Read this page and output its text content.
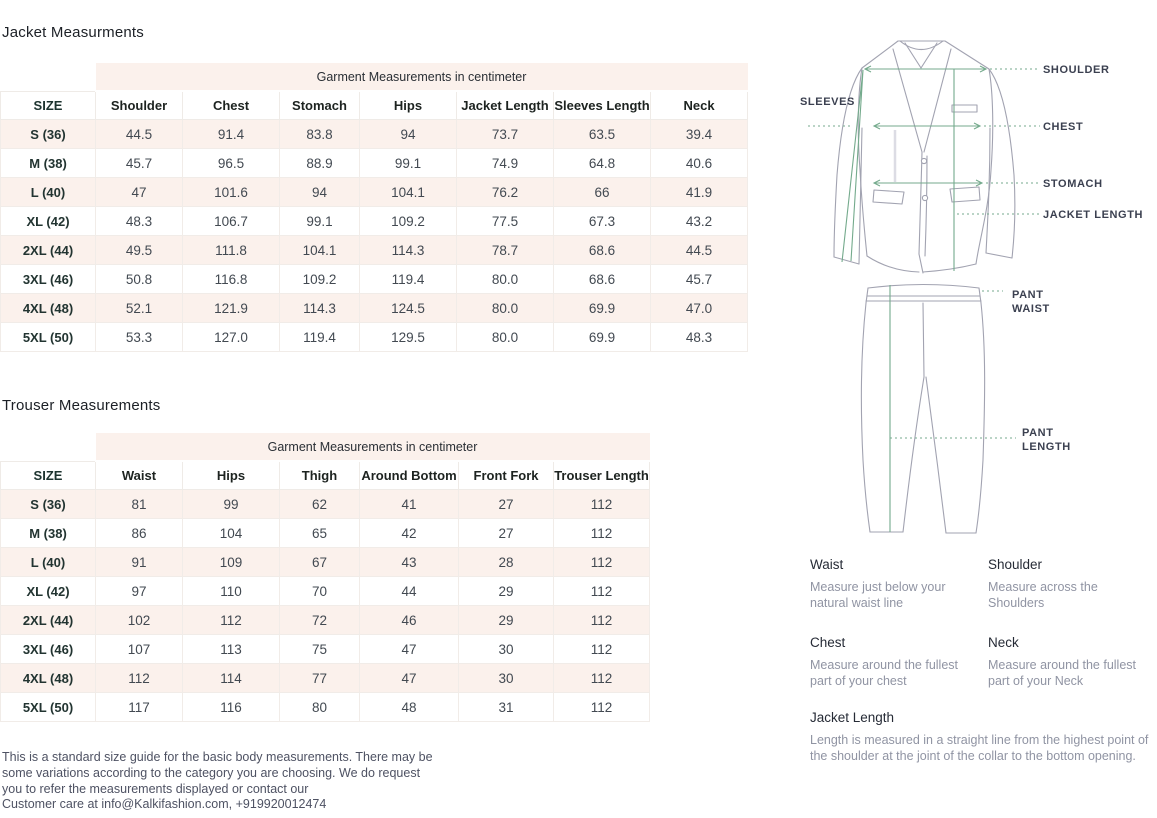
Jacket Measurments
	Garment Measurements in centimeter						
SIZE	Shoulder	Chest	Stomach	Hips	Jacket Length	Sleeves Length	Neck
S (36)	44.5	91.4	83.8	94	73.7	63.5	39.4
M (38)	45.7	96.5	88.9	99.1	74.9	64.8	40.6
L (40)	47	101.6	94	104.1	76.2	66	41.9
XL (42)	48.3	106.7	99.1	109.2	77.5	67.3	43.2
2XL (44)	49.5	111.8	104.1	114.3	78.7	68.6	44.5
3XL (46)	50.8	116.8	109.2	119.4	80.0	68.6	45.7
4XL (48)	52.1	121.9	114.3	124.5	80.0	69.9	47.0
5XL (50)	53.3	127.0	119.4	129.5	80.0	69.9	48.3
Trouser Measurements
	Garment Measurements in centimeter					
SIZE	Waist	Hips	Thigh	Around Bottom	Front Fork	Trouser Length
S (36)	81	99	62	41	27	112
M (38)	86	104	65	42	27	112
L (40)	91	109	67	43	28	112
XL (42)	97	110	70	44	29	112
2XL (44)	102	112	72	46	29	112
3XL (46)	107	113	75	47	30	112
4XL (48)	112	114	77	47	30	112
5XL (50)	117	116	80	48	31	112
SLEEVES
SHOULDER
CHEST
STOMACH
JACKET LENGTH
PANT
WAIST
PANT
LENGTH

Waist

Measure just below your natural waist line

Shoulder

Measure across the Shoulders

Chest

Measure around the fullest part of your chest

Neck

Measure around the fullest part of your Neck

Jacket Length

Length is measured in a straight line from the highest point of the shoulder at the joint of the collar to the bottom opening.

This is a standard size guide for the basic body measurements. There may be
some variations according to the category you are choosing. We do request
you to refer the measurements displayed or contact our
Customer care at info@Kalkifashion.com, +919920012474
